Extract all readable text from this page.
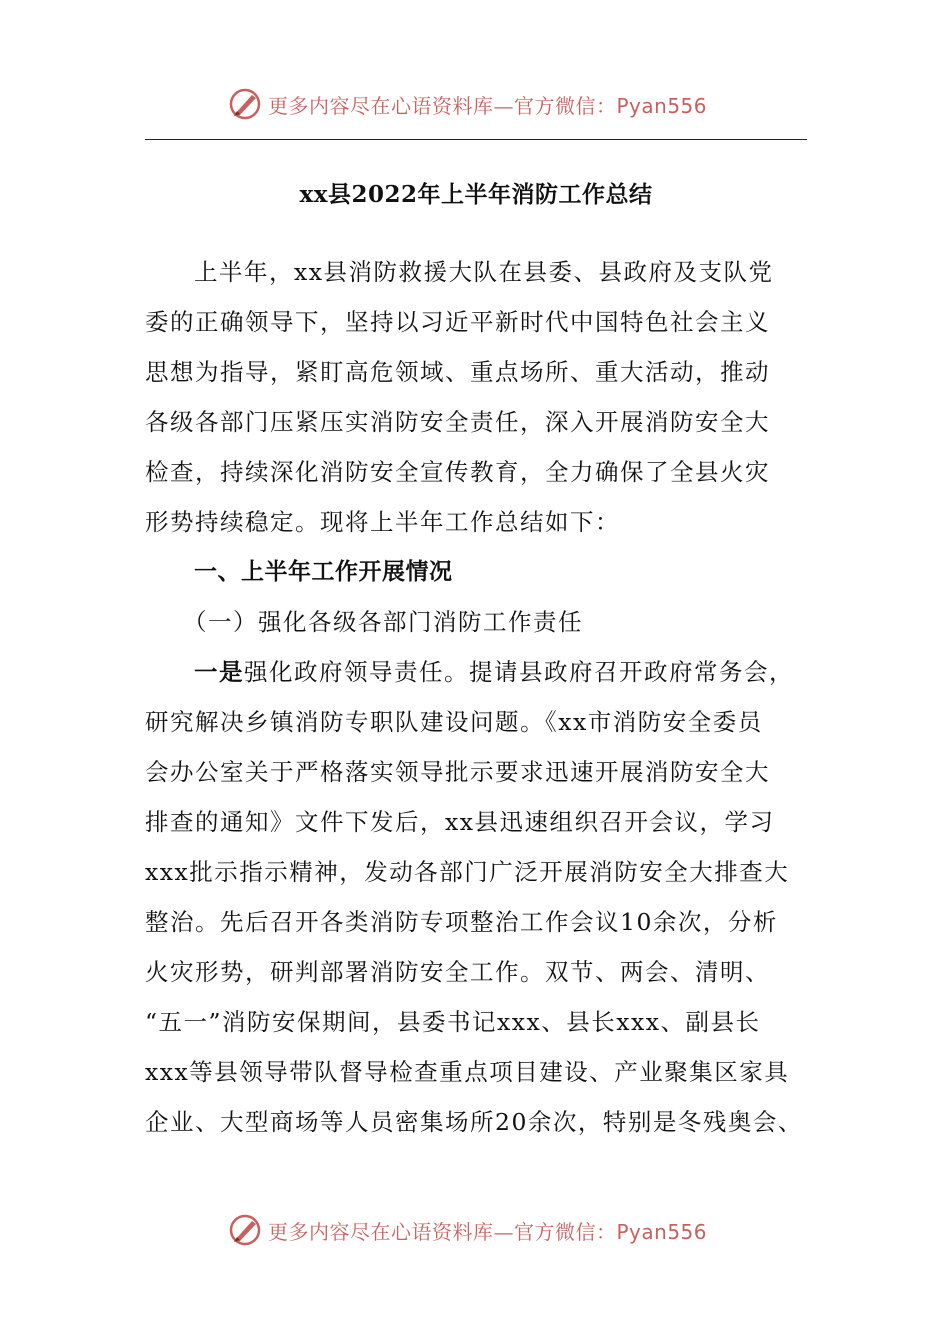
更多内容尽在心语资料库—官方微信：Pyan556
xx县2022年上半年消防工作总结
上半年，xx县消防救援大队在县委、县政府及支队党
委的正确领导下，坚持以习近平新时代中国特色社会主义
思想为指导，紧盯高危领域、重点场所、重大活动，推动
各级各部门压紧压实消防安全责任，深入开展消防安全大
检查，持续深化消防安全宣传教育，全力确保了全县火灾
形势持续稳定。现将上半年工作总结如下：
一、上半年工作开展情况
（一）强化各级各部门消防工作责任
一是强化政府领导责任。提请县政府召开政府常务会，
研究解决乡镇消防专职队建设问题。《xx市消防安全委员
会办公室关于严格落实领导批示要求迅速开展消防安全大
排查的通知》文件下发后，xx县迅速组织召开会议，学习
xxx批示指示精神，发动各部门广泛开展消防安全大排查大
整治。先后召开各类消防专项整治工作会议10余次，分析
火灾形势，研判部署消防安全工作。双节、两会、清明、
“五一”消防安保期间，县委书记xxx、县长xxx、副县长
xxx等县领导带队督导检查重点项目建设、产业聚集区家具
企业、大型商场等人员密集场所20余次，特别是冬残奥会、
更多内容尽在心语资料库—官方微信：Pyan556
